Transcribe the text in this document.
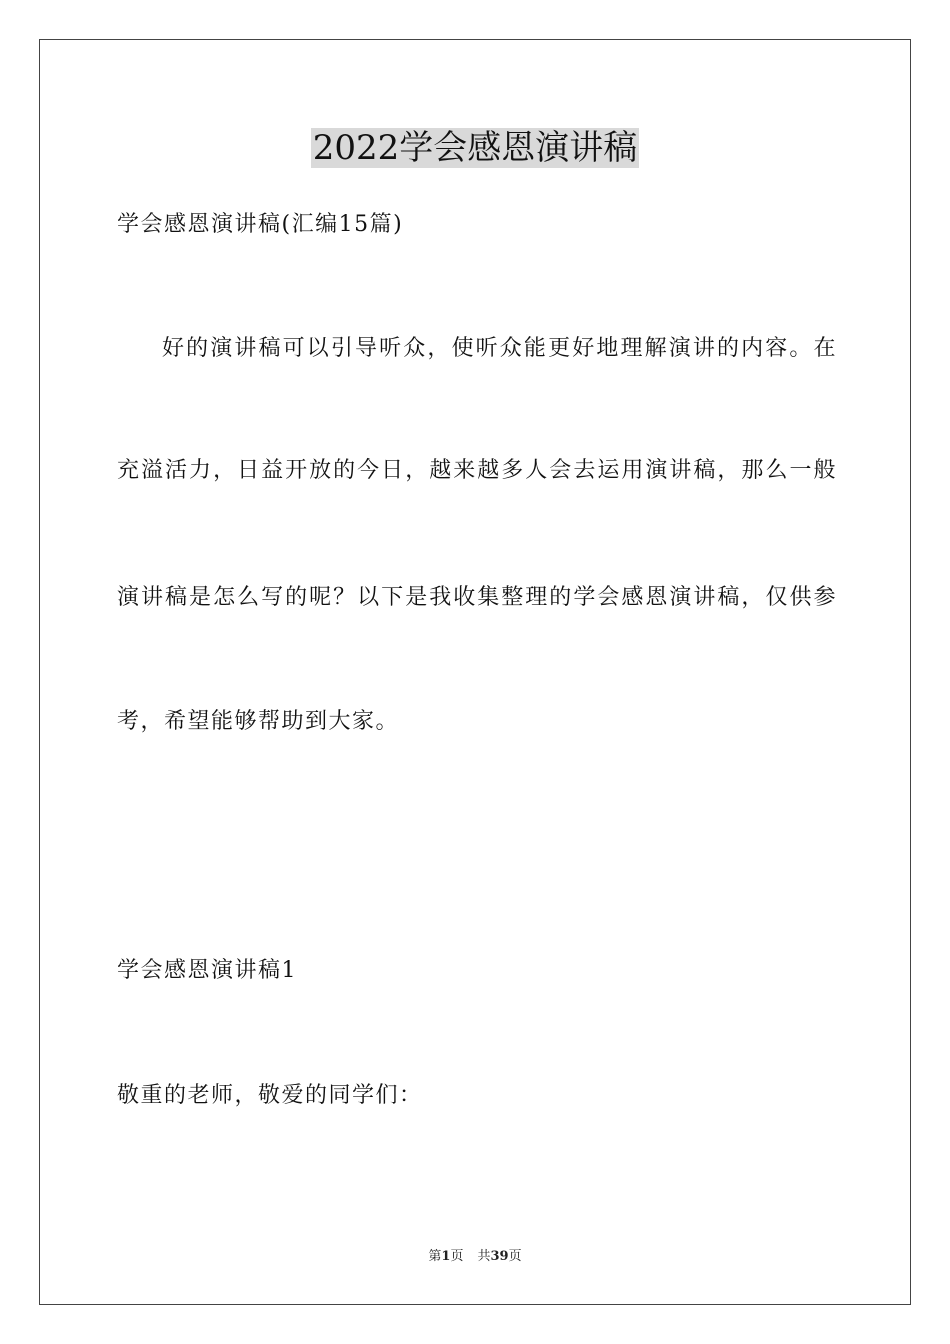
2022学会感恩演讲稿
学会感恩演讲稿(汇编15篇)
好的演讲稿可以引导听众，使听众能更好地理解演讲的内容。在
充溢活力，日益开放的今日，越来越多人会去运用演讲稿，那么一般
演讲稿是怎么写的呢？以下是我收集整理的学会感恩演讲稿，仅供参
考，希望能够帮助到大家。
学会感恩演讲稿1
敬重的老师，敬爱的同学们：
第1页 共39页
